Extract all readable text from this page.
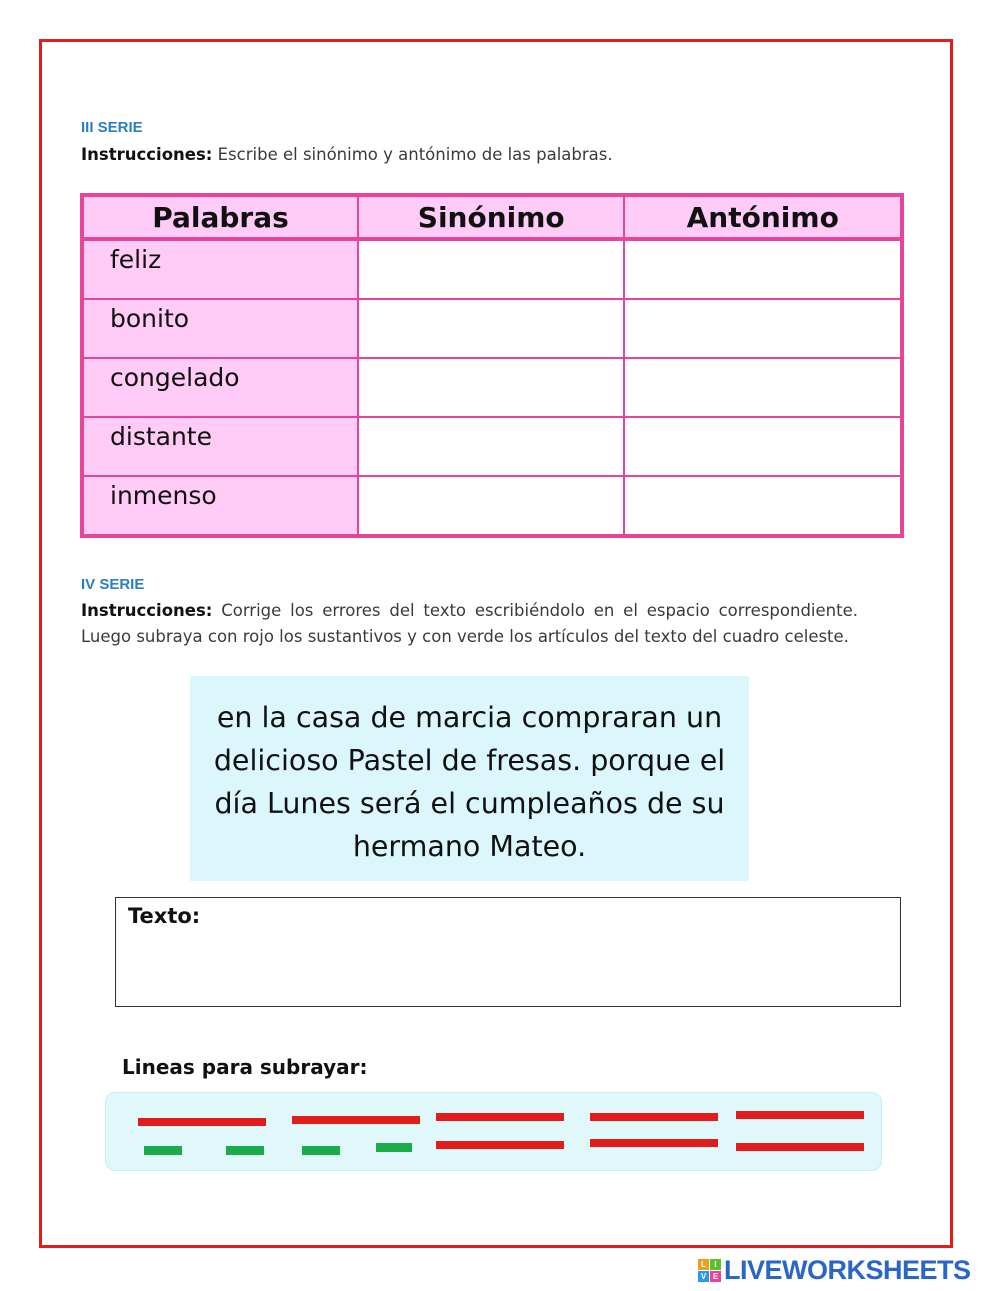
III SERIE
Instrucciones: Escribe el sinónimo y antónimo de las palabras.
Palabras	Sinónimo	Antónimo
feliz		
bonito		
congelado		
distante		
inmenso		
IV SERIE
Instrucciones: Corrige los errores del texto escribiéndolo en el espacio correspondiente. Luego subraya con rojo los sustantivos y con verde los artículos del texto del cuadro celeste.
en la casa de marcia compraran un delicioso Pastel de fresas. porque el día Lunes será el cumpleaños de su hermano Mateo.
Texto:
Lineas para subrayar:
L	I
V E LIVEWORKSHEETS
